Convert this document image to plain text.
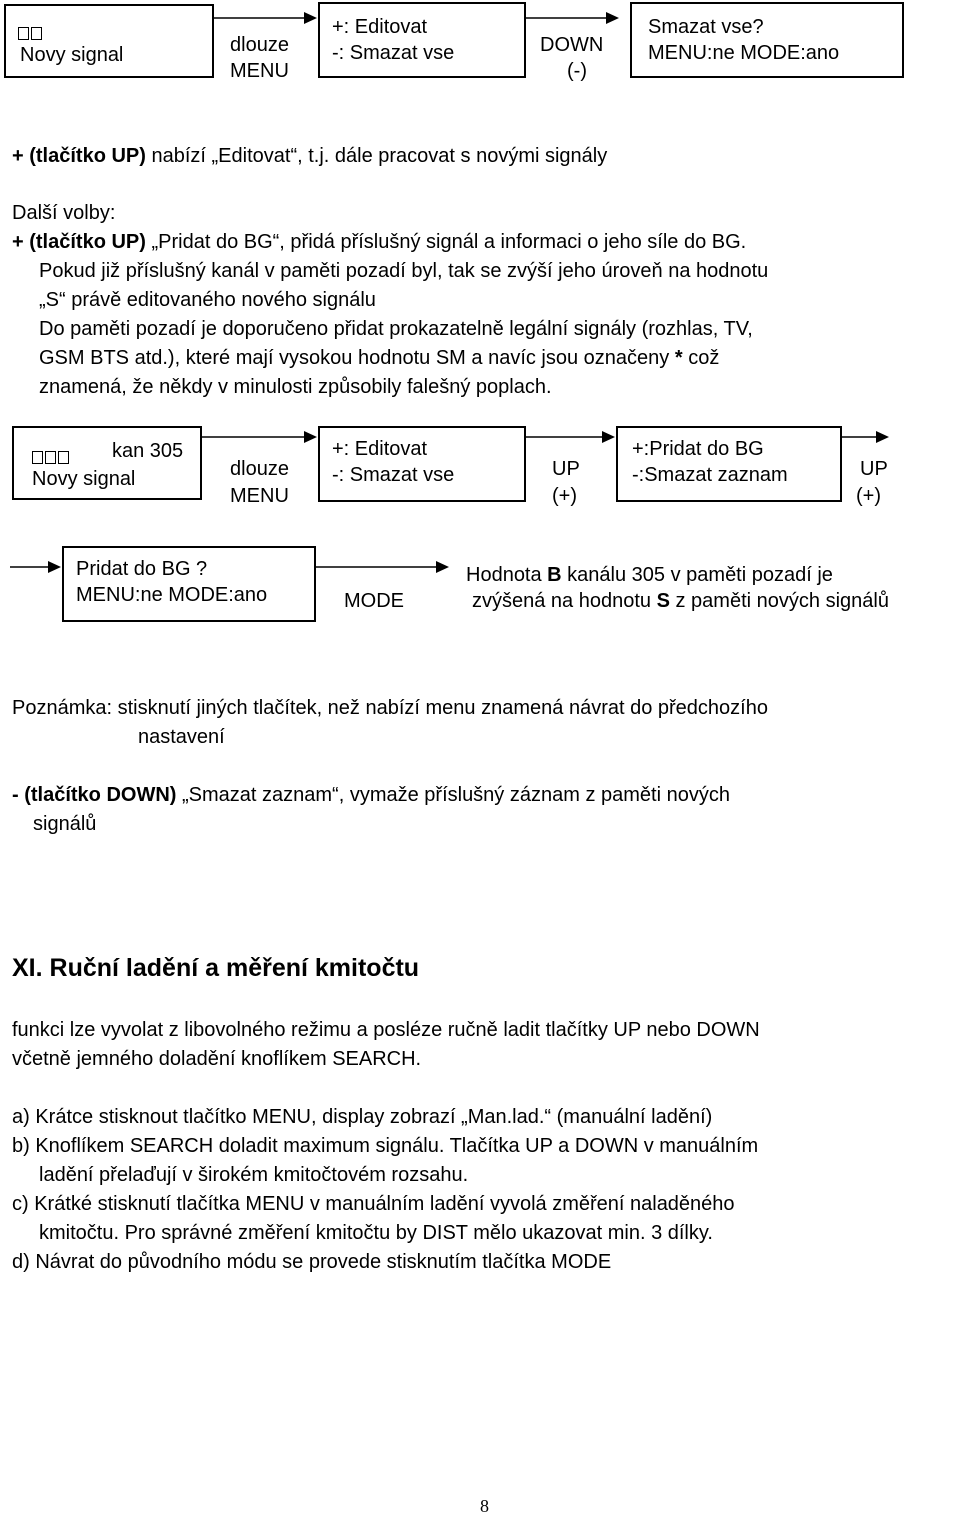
Novy signal	dlouze
MENU
+: Editovat
-: Smazat vse	DOWN
(-)
Smazat vse?
MENU:ne MODE:ano
+ (tlačítko UP) nabízí „Editovat“, t.j. dále pracovat s novými signály
Další volby:
+ (tlačítko UP) „Pridat do BG“, přidá příslušný signál a informaci o jeho síle do BG.
Pokud již příslušný kanál v paměti pozadí byl, tak se zvýší jeho úroveň na hodnotu
„S“ právě editovaného nového signálu
Do paměti pozadí je doporučeno přidat prokazatelně legální signály (rozhlas, TV,
GSM BTS atd.), které mají vysokou hodnotu SM a navíc jsou označeny * což
znamená, že někdy v minulosti způsobily falešný poplach.
kan 305
Novy signal	dlouze
MENU
+: Editovat
-: Smazat vse	UP
(+)
+:Pridat do BG
-:Smazat zaznam	UP
(+)
Pridat do BG ?
MENU:ne MODE:ano	MODE
Hodnota B kanálu 305 v paměti pozadí je
zvýšená na hodnotu S z paměti nových signálů
Poznámka: stisknutí jiných tlačítek, než nabízí menu znamená návrat do předchozího
nastavení
- (tlačítko DOWN) „Smazat zaznam“, vymaže příslušný záznam z paměti nových
signálů
XI. Ruční ladění a měření kmitočtu
funkci lze vyvolat z libovolného režimu a posléze ručně ladit tlačítky UP nebo DOWN
včetně jemného doladění knoflíkem SEARCH.
a) Krátce stisknout tlačítko MENU, display zobrazí „Man.lad.“ (manuální ladění)
b) Knoflíkem SEARCH doladit maximum signálu. Tlačítka UP a DOWN v manuálním
ladění přelaďují v širokém kmitočtovém rozsahu.
c) Krátké stisknutí tlačítka MENU v manuálním ladění vyvolá změření naladěného
kmitočtu. Pro správné změření kmitočtu by DIST mělo ukazovat min. 3 dílky.
d) Návrat do původního módu se provede stisknutím tlačítka MODE
8
